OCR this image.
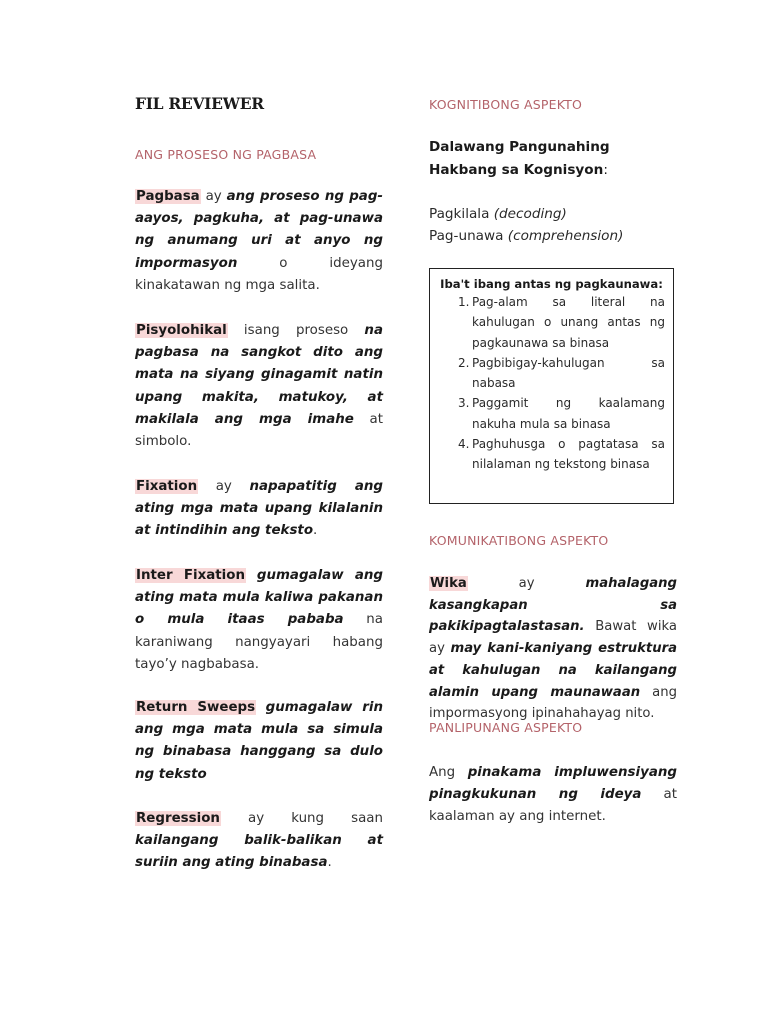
FIL REVIEWER
ANG PROSESO NG PAGBASA
Pagbasa ay ang proseso ng pag-aayos, pagkuha, at pag-unawa ng anumang uri at anyo ng impormasyon o ideyang kinakatawan ng mga salita.
Pisyolohikal isang proseso na pagbasa na sangkot dito ang mata na siyang ginagamit natin upang makita, matukoy, at makilala ang mga imahe at simbolo.
Fixation ay napapatitig ang ating mga mata upang kilalanin at intindihin ang teksto.
Inter Fixation gumagalaw ang ating mata mula kaliwa pakanan o mula itaas pababa na karaniwang nangyayari habang tayo’y nagbabasa.
Return Sweeps gumagalaw rin ang mga mata mula sa simula ng binabasa hanggang sa dulo ng teksto
Regression ay kung saan kailangang balik-balikan at suriin ang ating binabasa.
KOGNITIBONG ASPEKTO
Dalawang Pangunahing Hakbang sa Kognisyon:
Pagkilala (decoding)
Pag-unawa (comprehension)
Iba't ibang antas ng pagkaunawa:
1. Pag-alam sa literal na kahulugan o unang antas ng pagkaunawa sa binasa
2. Pagbibigay-kahulugan sa nabasa
3. Paggamit ng kaalamang nakuha mula sa binasa
4. Paghuhusga o pagtatasa sa nilalaman ng tekstong binasa
KOMUNIKATIBONG ASPEKTO
Wika ay mahalagang kasangkapan sa pakikipagtalastasan. Bawat wika ay may kani-kaniyang estruktura at kahulugan na kailangang alamin upang maunawaan ang impormasyong ipinahahayag nito.
PANLIPUNANG ASPEKTO
Ang pinakama impluwensiyang pinagkukunan ng ideya at kaalaman ay ang internet.
